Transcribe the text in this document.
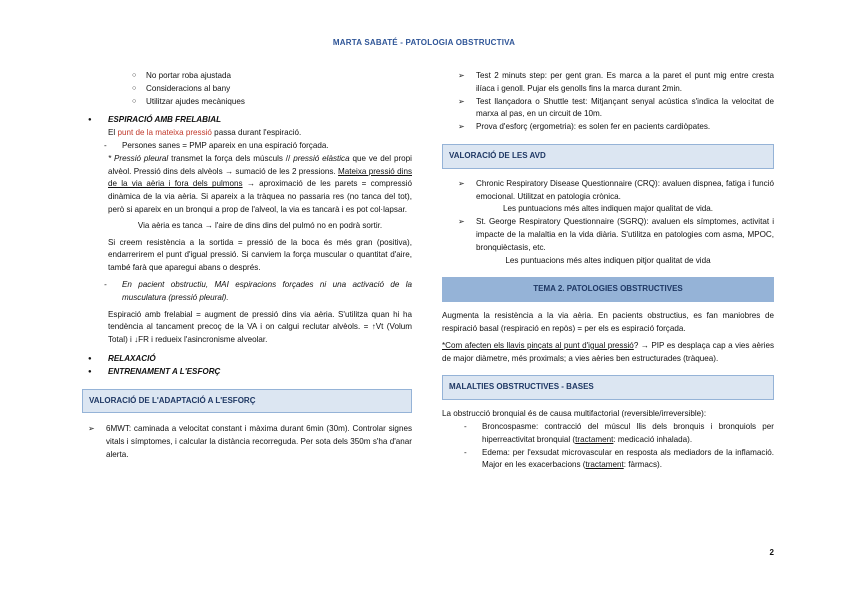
MARTA SABATÉ - PATOLOGIA OBSTRUCTIVA
○ No portar roba ajustada
○ Consideracions al bany
○ Utilitzar ajudes mecàniques
● ESPIRACIÓ AMB FRELABIAL
El punt de la mateixa pressió passa durant l'espiració.
- Persones sanes = PMP apareix en una espiració forçada.
* Pressió pleural transmet la força dels músculs // pressió elàstica que ve del propi alvèol. Pressió dins dels alvèols → sumació de les 2 pressions. Mateixa pressió dins de la via aèria i fora dels pulmons → aproximació de les parets = compressió dinàmica de la via aèria. Si apareix a la tràquea no passaria res (no tanca del tot), però si apareix en un bronqui a prop de l'alveol, la via es tancarà i es pot col·lapsar.
Via aèria es tanca → l'aire de dins dins del pulmó no en podrà sortir.
Si creem resistència a la sortida = pressió de la boca és més gran (positiva), endarrerirem el punt d'igual pressió. Si canviem la força muscular o quantitat d'aire, també farà que aparegui abans o després.
- En pacient obstructiu, MAI espiracions forçades ni una activació de la musculatura (pressió pleural).
Espiració amb frelabial = augment de pressió dins via aèria. S'utilitza quan hi ha tendència al tancament precoç de la VA i on calgui reclutar alvèols. = ↑Vt (Volum Total) i ↓FR i redueix l'asincronisme alveolar.
● RELAXACIÓ
● ENTRENAMENT A L'ESFORÇ
VALORACIÓ DE L'ADAPTACIÓ A L'ESFORÇ
➢ 6MWT: caminada a velocitat constant i màxima durant 6min (30m). Controlar signes vitals i símptomes, i calcular la distància recorreguda. Per sota dels 350m s'ha d'anar alerta.
➢ Test 2 minuts step: per gent gran. Es marca a la paret el punt mig entre cresta ilíaca i genoll. Pujar els genolls fins la marca durant 2min.
➢ Test llançadora o Shuttle test: Mitjançant senyal acústica s'indica la velocitat de marxa al pas, en un circuit de 10m.
➢ Prova d'esforç (ergometria): es solen fer en pacients cardiòpates.
VALORACIÓ DE LES AVD
➢ Chronic Respiratory Disease Questionnaire (CRQ): avaluen dispnea, fatiga i funció emocional. Utilitzat en patologia crònica.
Les puntuacions més altes indiquen major qualitat de vida.
➢ St. George Respiratory Questionnaire (SGRQ): avaluen els símptomes, activitat i impacte de la malaltia en la vida diària. S'utilitza en patologies com asma, MPOC, bronquièctasis, etc.
Les puntuacions més altes indiquen pitjor qualitat de vida
TEMA 2. PATOLOGIES OBSTRUCTIVES
Augmenta la resistència a la via aèria. En pacients obstructius, es fan maniobres de respiració basal (respiració en repòs) = per els es espiració forçada.
*Com afecten els llavis pinçats al punt d'igual pressió? → PIP es desplaça cap a vies aèries de major diàmetre, més proximals; a vies aèries ben estructurades (tràquea).
MALALTIES OBSTRUCTIVES - BASES
La obstrucció bronquial és de causa multifactorial (reversible/irreversible):
- Broncospasme: contracció del múscul llis dels bronquis i bronquiols per hiperreactivitat bronquial (tractament: medicació inhalada).
- Edema: per l'exsudat microvascular en resposta als mediadors de la inflamació. Major en les exacerbacions (tractament: fàrmacs).
2
